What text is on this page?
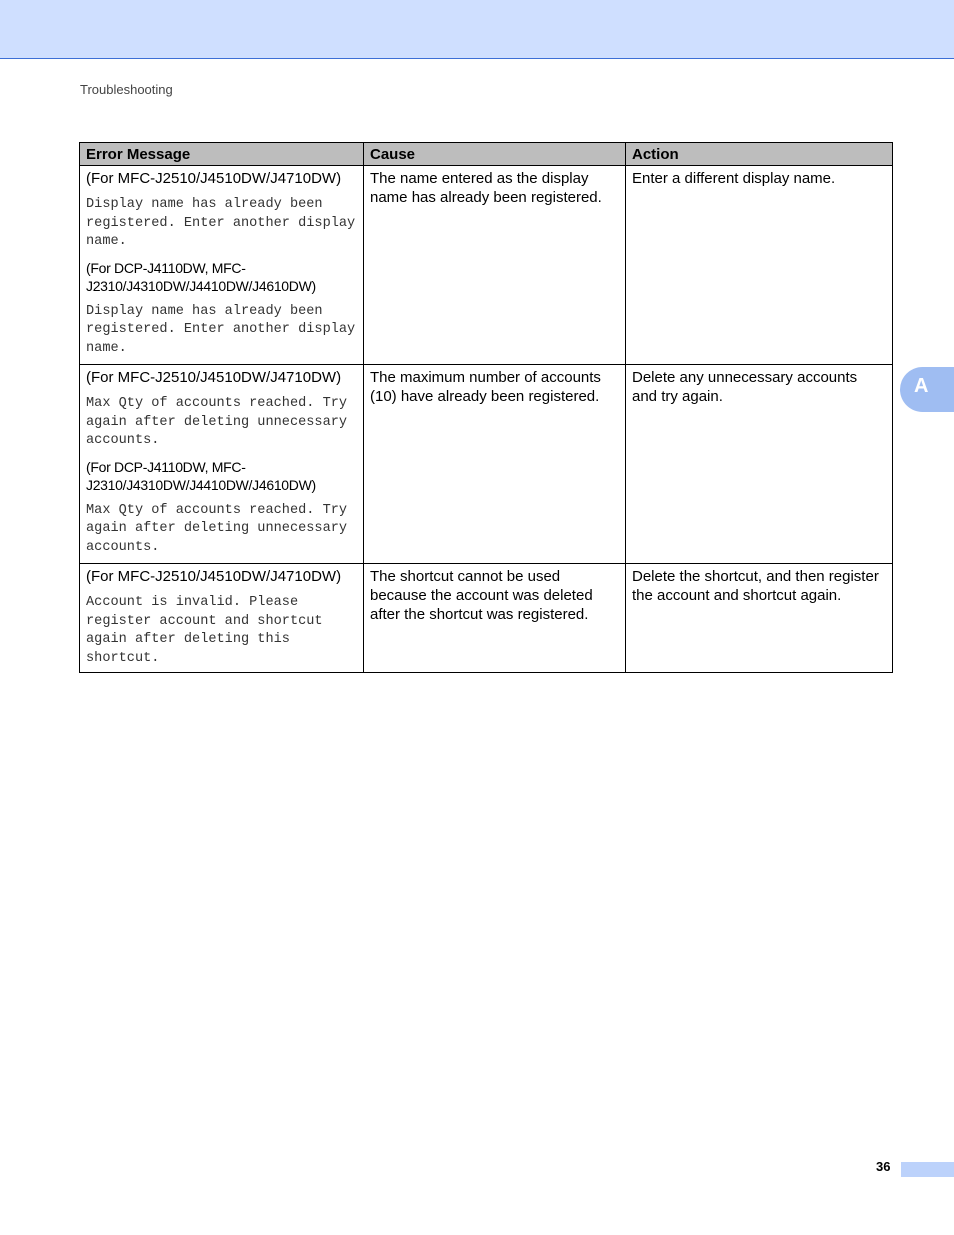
Troubleshooting
Error Message	Cause	Action

(For MFC-J2510/J4510DW/J4710DW)
Display name has already been registered. Enter another display name.
(For DCP-J4110DW, MFC-J2310/J4310DW/J4410DW/J4610DW)
Display name has already been registered. Enter another display name.	The name entered as the display name has already been registered.	Enter a different display name.

(For MFC-J2510/J4510DW/J4710DW)
Max Qty of accounts reached. Try again after deleting unnecessary accounts.
(For DCP-J4110DW, MFC-J2310/J4310DW/J4410DW/J4610DW)
Max Qty of accounts reached. Try again after deleting unnecessary accounts.	The maximum number of accounts (10) have already been registered.	Delete any unnecessary accounts and try again.

(For MFC-J2510/J4510DW/J4710DW)
Account is invalid. Please register account and shortcut again after deleting this shortcut.	The shortcut cannot be used because the account was deleted after the shortcut was registered.	Delete the shortcut, and then register the account and shortcut again.
A
36
